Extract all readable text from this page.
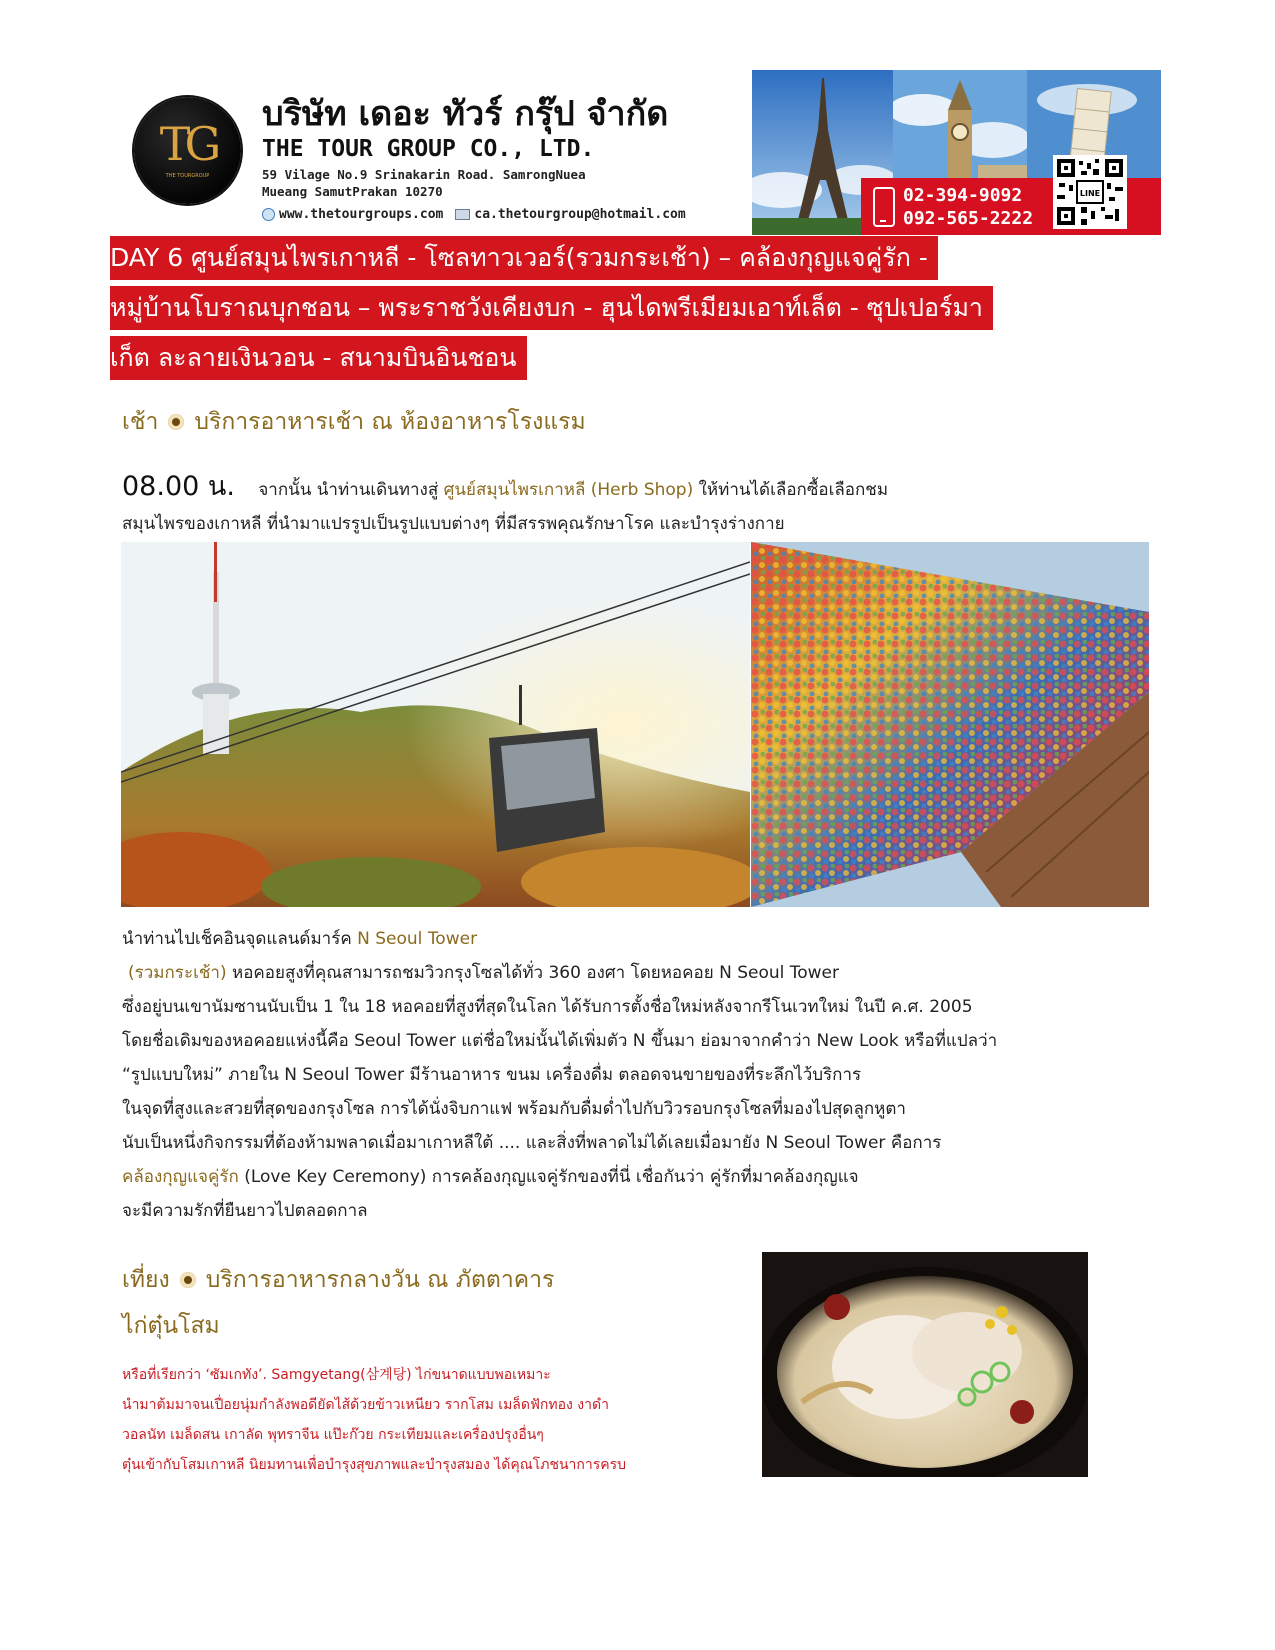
TG
THE TOURGROUP
บริษัท เดอะ ทัวร์ กรุ๊ป จำกัด
THE TOUR GROUP CO., LTD.
59 Vilage No.9 Srinakarin Road. SamrongNuea
Mueang SamutPrakan 10270
www.thetourgroups.com ca.thetourgroup@hotmail.com
02-394-9092
092-565-2222
LINE
DAY 6 ศูนย์สมุนไพรเกาหลี - โซลทาวเวอร์(รวมกระเช้า) – คล้องกุญแจคู่รัก -
หมู่บ้านโบราณบุกชอน – พระราชวังเคียงบก - ฮุนไดพรีเมียมเอาท์เล็ต - ซุปเปอร์มา
เก็ต ละลายเงินวอน - สนามบินอินชอน
เช้า บริการอาหารเช้า ณ ห้องอาหารโรงแรม
08.00 น. จากนั้น นำท่านเดินทางสู่ ศูนย์สมุนไพรเกาหลี (Herb Shop) ให้ท่านได้เลือกซื้อเลือกชม
สมุนไพรของเกาหลี ที่นำมาแปรรูปเป็นรูปแบบต่างๆ ที่มีสรรพคุณรักษาโรค และบำรุงร่างกาย
นำท่านไปเช็คอินจุดแลนด์มาร์ค N Seoul Tower
(รวมกระเช้า) หอคอยสูงที่คุณสามารถชมวิวกรุงโซลได้ทั่ว 360 องศา โดยหอคอย N Seoul Tower
ซึ่งอยู่บนเขานัมซานนับเป็น 1 ใน 18 หอคอยที่สูงที่สุดในโลก ได้รับการตั้งชื่อใหม่หลังจากรีโนเวทใหม่ ในปี ค.ศ. 2005
โดยชื่อเดิมของหอคอยแห่งนี้คือ Seoul Tower แต่ชื่อใหม่นั้นได้เพิ่มตัว N ขึ้นมา ย่อมาจากคำว่า New Look หรือที่แปลว่า
“รูปแบบใหม่” ภายใน N Seoul Tower มีร้านอาหาร ขนม เครื่องดื่ม ตลอดจนขายของที่ระลึกไว้บริการ
ในจุดที่สูงและสวยที่สุดของกรุงโซล การได้นั่งจิบกาแฟ พร้อมกับดื่มด่ำไปกับวิวรอบกรุงโซลที่มองไปสุดลูกหูตา
นับเป็นหนึ่งกิจกรรมที่ต้องห้ามพลาดเมื่อมาเกาหลีใต้ .... และสิ่งที่พลาดไม่ได้เลยเมื่อมายัง N Seoul Tower คือการ
คล้องกุญแจคู่รัก (Love Key Ceremony) การคล้องกุญแจคู่รักของที่นี่ เชื่อกันว่า คู่รักที่มาคล้องกุญแจ
จะมีความรักที่ยืนยาวไปตลอดกาล
เที่ยง บริการอาหารกลางวัน ณ ภัตตาคาร
ไก่ตุ๋นโสม
หรือที่เรียกว่า ‘ซัมเกทัง’. Samgyetang(삼계탕) ไก่ขนาดแบบพอเหมาะ
นำมาต้มมาจนเปื่อยนุ่มกำลังพอดียัดไส้ด้วยข้าวเหนียว รากโสม เมล็ดฟักทอง งาดำ
วอลนัท เมล็ดสน เกาลัด พุทราจีน แป๊ะก๊วย กระเทียมและเครื่องปรุงอื่นๆ
ตุ๋นเข้ากับโสมเกาหลี นิยมทานเพื่อบำรุงสุขภาพและบำรุงสมอง ได้คุณโภชนาการครบ
